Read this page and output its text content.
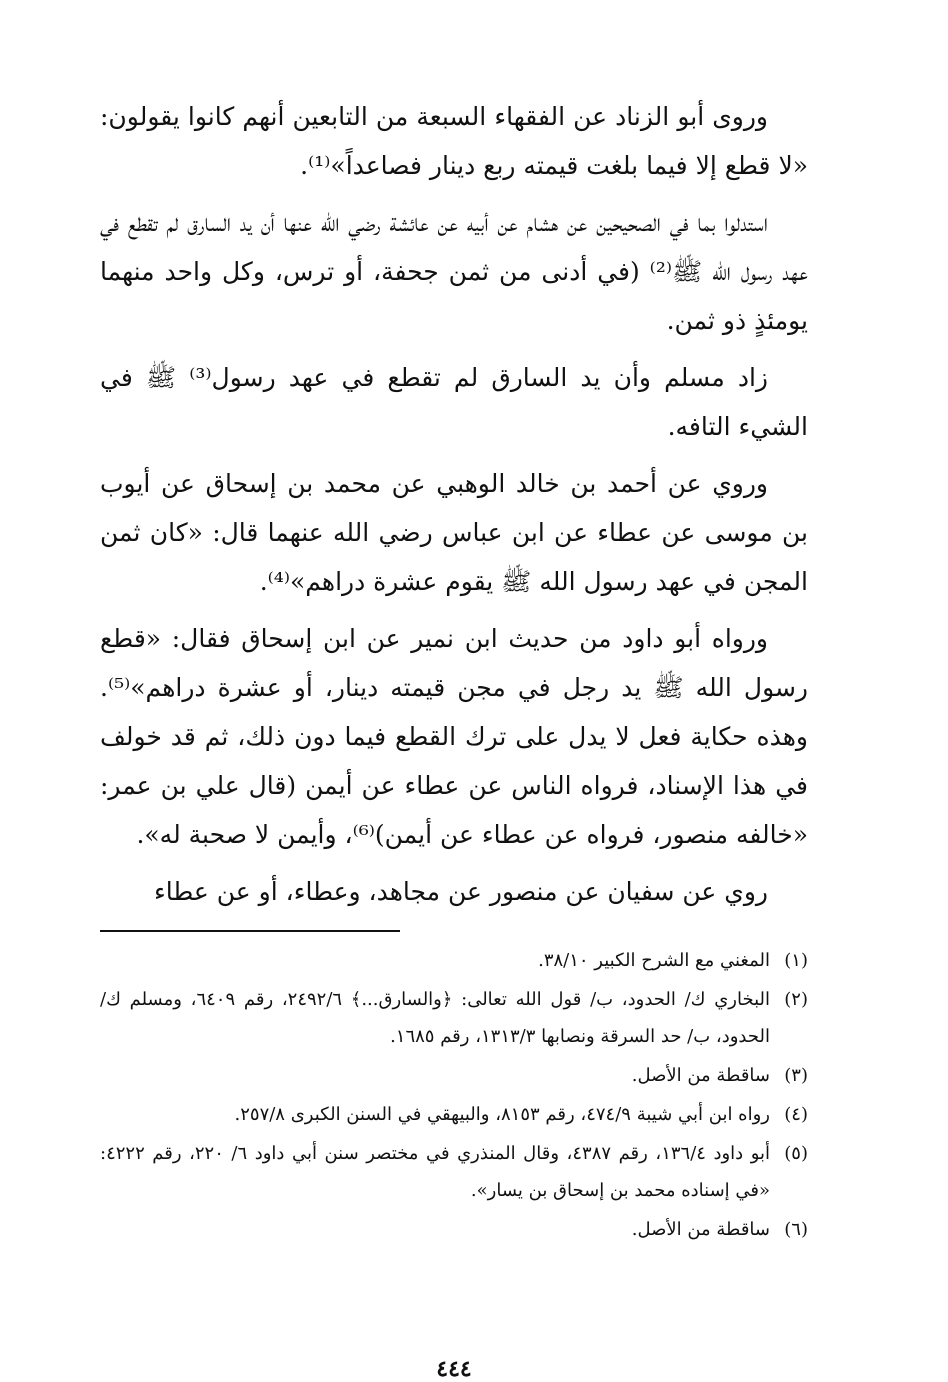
وروى أبو الزناد عن الفقهاء السبعة من التابعين أنهم كانوا يقولون: «لا قطع إلا فيما بلغت قيمته ربع دينار فصاعداً»⁽¹⁾.

استدلوا بما في الصحيحين عن هشام عن أبيه عن عائشة رضي الله عنها أن يد السارق لم تقطع في عهد رسول الله ﷺ⁽²⁾ (في أدنى من ثمن جحفة، أو ترس، وكل واحد منهما يومئذٍ ذو ثمن.

زاد مسلم وأن يد السارق لم تقطع في عهد رسول⁽³⁾ ﷺ في الشيء التافه.

وروي عن أحمد بن خالد الوهبي عن محمد بن إسحاق عن أيوب بن موسى عن عطاء عن ابن عباس رضي الله عنهما قال: «كان ثمن المجن في عهد رسول الله ﷺ يقوم عشرة دراهم»⁽⁴⁾.

ورواه أبو داود من حديث ابن نمير عن ابن إسحاق فقال: «قطع رسول الله ﷺ يد رجل في مجن قيمته دينار، أو عشرة دراهم»⁽⁵⁾. وهذه حكاية فعل لا يدل على ترك القطع فيما دون ذلك، ثم قد خولف في هذا الإسناد، فرواه الناس عن عطاء عن أيمن (قال علي بن عمر: «خالفه منصور، فرواه عن عطاء عن أيمن)⁽⁶⁾، وأيمن لا صحبة له».

روي عن سفيان عن منصور عن مجاهد، وعطاء، أو عن عطاء

(١)
المغني مع الشرح الكبير ٣٨/١٠.
(٢)
البخاري ك/ الحدود، ب/ قول الله تعالى: ﴿والسارق...﴾ ٢٤٩٢/٦، رقم ٦٤٠٩، ومسلم ك/ الحدود، ب/ حد السرقة ونصابها ١٣١٣/٣، رقم ١٦٨٥.
(٣)
ساقطة من الأصل.
(٤)
رواه ابن أبي شيبة ٤٧٤/٩، رقم ٨١٥٣، والبيهقي في السنن الكبرى ٢٥٧/٨.
(٥)
أبو داود ١٣٦/٤، رقم ٤٣٨٧، وقال المنذري في مختصر سنن أبي داود ٦/ ٢٢٠، رقم ٤٢٢٢: «في إسناده محمد بن إسحاق بن يسار».
(٦)
ساقطة من الأصل.
٤٤٤
